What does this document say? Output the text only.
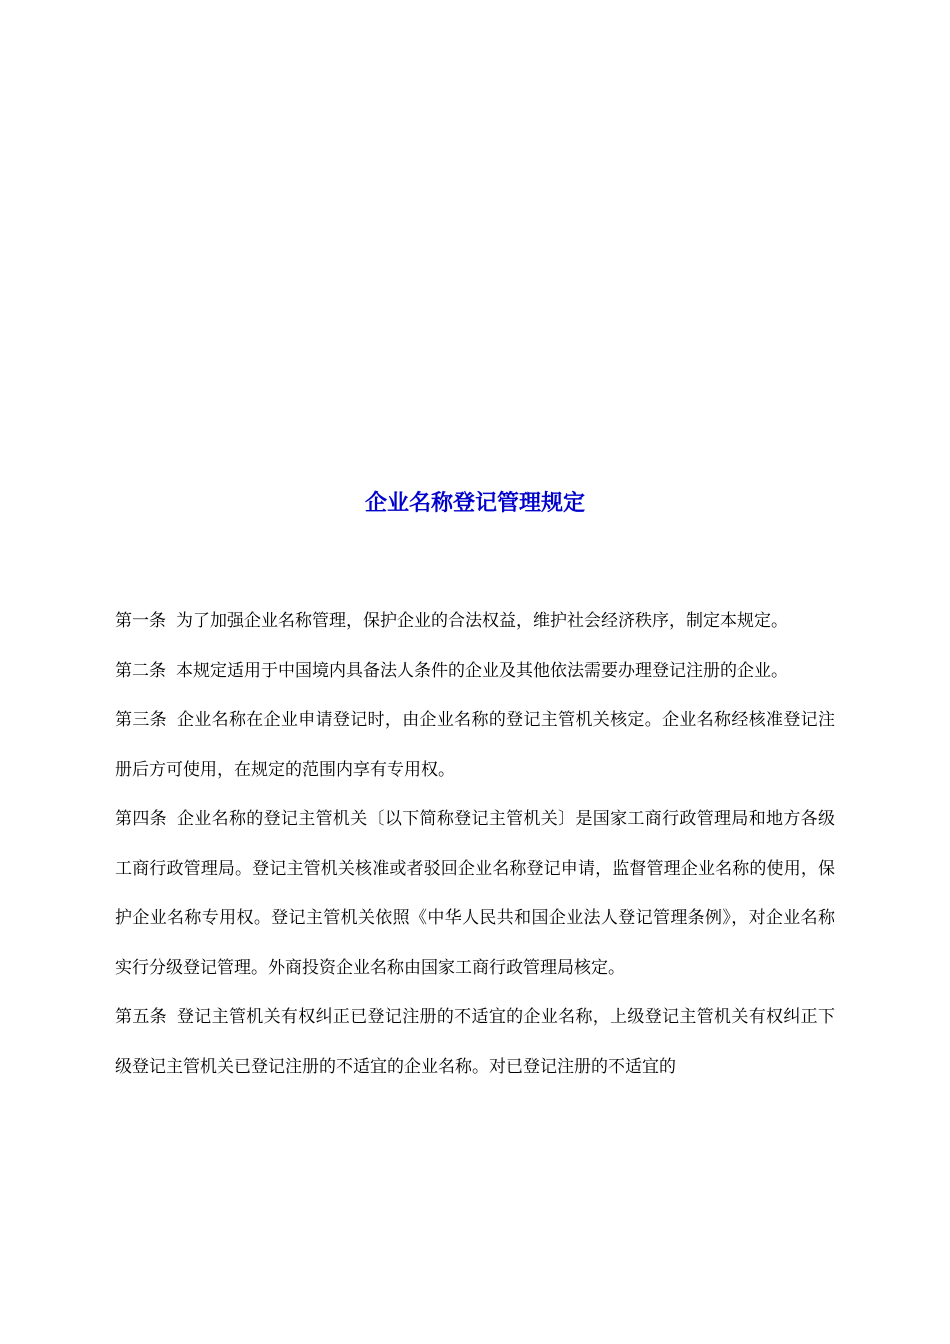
企业名称登记管理规定

第一条 为了加强企业名称管理，保护企业的合法权益，维护社会经济秩序，制定本规定。

第二条 本规定适用于中国境内具备法人条件的企业及其他依法需要办理登记注册的企业。

第三条 企业名称在企业申请登记时，由企业名称的登记主管机关核定。企业名称经核准登记注册后方可使用，在规定的范围内享有专用权。

第四条 企业名称的登记主管机关〔以下简称登记主管机关〕是国家工商行政管理局和地方各级工商行政管理局。登记主管机关核准或者驳回企业名称登记申请，监督管理企业名称的使用，保护企业名称专用权。登记主管机关依照《中华人民共和国企业法人登记管理条例》，对企业名称实行分级登记管理。外商投资企业名称由国家工商行政管理局核定。

第五条 登记主管机关有权纠正已登记注册的不适宜的企业名称，上级登记主管机关有权纠正下级登记主管机关已登记注册的不适宜的企业名称。对已登记注册的不适宜的
